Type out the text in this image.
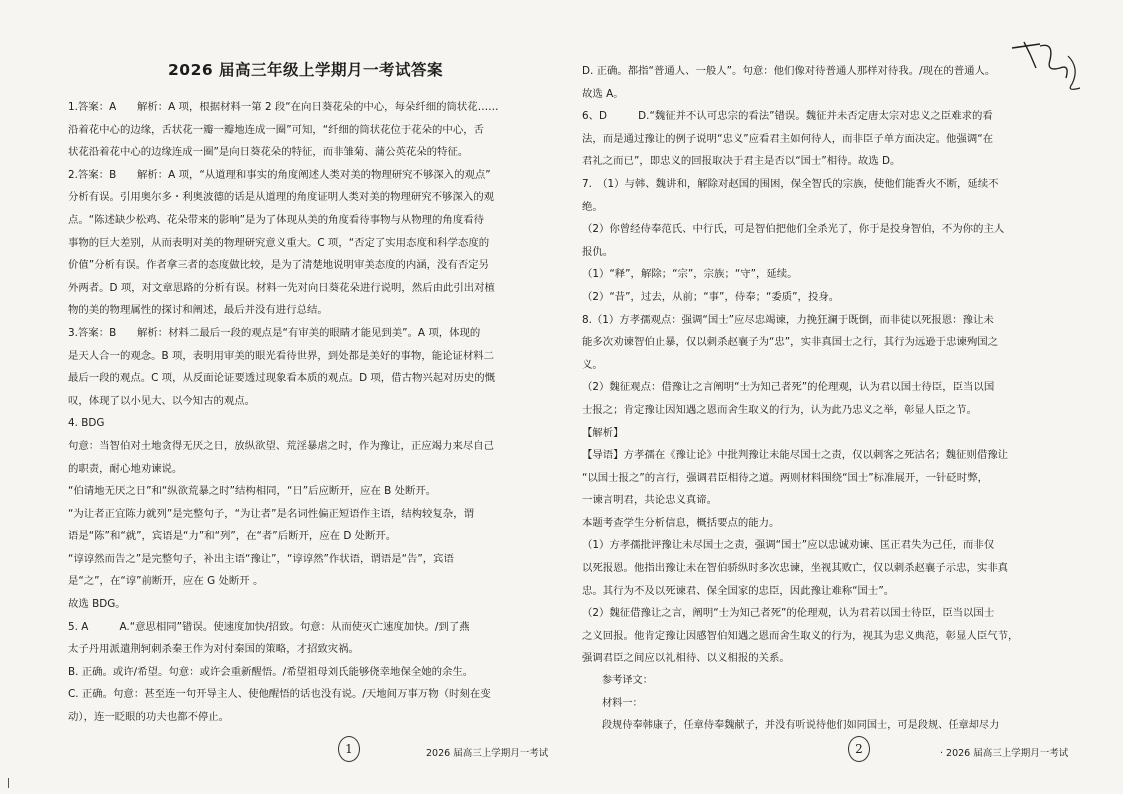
2026 届高三年级上学期月一考试答案

1.答案：A　　解析：A 项，根据材料一第 2 段“在向日葵花朵的中心，每朵纤细的筒状花……

沿着花中心的边缘，舌状花一瓣一瓣地连成一圈”可知，“纤细的筒状花位于花朵的中心，舌

状花沿着花中心的边缘连成一圈”是向日葵花朵的特征，而非雏菊、蒲公英花朵的特征。

2.答案：B　　解析：A 项，“从道理和事实的角度阐述人类对美的物理研究不够深入的观点”

分析有误。引用奥尔多・利奥波德的话是从道理的角度证明人类对美的物理研究不够深入的观

点。“陈述缺少松鸡、花朵带来的影响”是为了体现从美的角度看待事物与从物理的角度看待

事物的巨大差别，从而表明对美的物理研究意义重大。C 项，“否定了实用态度和科学态度的

价值”分析有误。作者拿三者的态度做比较，是为了清楚地说明审美态度的内涵，没有否定另

外两者。D 项，对文章思路的分析有误。材料一先对向日葵花朵进行说明，然后由此引出对植

物的美的物理属性的探讨和阐述，最后并没有进行总结。

3.答案：B　　解析：材料二最后一段的观点是“有审美的眼睛才能见到美”。A 项，体现的

是天人合一的观念。B 项，表明用审美的眼光看待世界，到处都是美好的事物，能论证材料二

最后一段的观点。C 项，从反面论证要透过现象看本质的观点。D 项，借古物兴起对历史的慨

叹，体现了以小见大、以今知古的观点。

4. BDG

句意：当智伯对土地贪得无厌之日，放纵欲望、荒淫暴虐之时，作为豫让，正应竭力来尽自己

的职责，耐心地劝谏说。

“伯请地无厌之日”和“纵欲荒暴之时”结构相同，“日”后应断开，应在 B 处断开。

“为让者正宜陈力就列”是完整句子，“为让者”是名词性偏正短语作主语，结构较复杂，谓

语是“陈”和“就”，宾语是“力”和“列”，在“者”后断开，应在 D 处断开。

“谆谆然而告之”是完整句子，补出主语“豫让”，“谆谆然”作状语，谓语是“告”，宾语

是“之”，在“谆”前断开，应在 G 处断开 。

故选 BDG。

5. A　　　A.“意思相同”错误。使速度加快/招致。句意：从而使灭亡速度加快。/到了燕

太子丹用派遣荆轲刺杀秦王作为对付秦国的策略，才招致灾祸。

B. 正确。或许/希望。句意：或许会重新醒悟。/希望祖母刘氏能够侥幸地保全她的余生。

C. 正确。句意：甚至连一句开导主人、使他醒悟的话也没有说。/天地间万事万物（时刻在变

动），连一眨眼的功夫也都不停止。

D. 正确。都指“普通人、一般人”。句意：他们像对待普通人那样对待我。/现在的普通人。

故选 A。

6、D　　　D.“魏征并不认可忠宗的看法”错误。魏征并未否定唐太宗对忠义之臣难求的看

法，而是通过豫让的例子说明“忠义”应看君主如何待人，而非臣子单方面决定。他强调“在

君礼之而已”，即忠义的回报取决于君主是否以“国士”相待。故选 D。

7.　（1）与韩、魏讲和，解除对赵国的围困，保全智氏的宗族，使他们能香火不断，延续不

绝。

（2）你曾经侍奉范氏、中行氏，可是智伯把他们全杀光了，你于是投身智伯，不为你的主人

报仇。

（1）“释”，解除；“宗”，宗族；“守”，延续。

（2）“昔”，过去，从前；“事”，侍奉；“委质”，投身。

8.（1）方孝孺观点：强调“国士”应尽忠竭谏，力挽狂澜于既倒，而非徒以死报恩：豫让未

能多次劝谏智伯止暴，仅以刺杀赵襄子为“忠”，实非真国士之行，其行为远逊于忠谏殉国之

义。

（2）魏征观点：借豫让之言阐明“士为知己者死”的伦理观，认为君以国士待臣，臣当以国

士报之；肯定豫让因知遇之恩而舍生取义的行为，认为此乃忠义之举，彰显人臣之节。

【解析】

【导语】方孝孺在《豫让论》中批判豫让未能尽国士之责，仅以刺客之死沽名；魏征则借豫让

“以国士报之”的言行，强调君臣相待之道。两则材料围绕“国士”标准展开，一针砭时弊，

一谏言明君，共论忠义真谛。

本题考查学生分析信息，概括要点的能力。

（1）方孝孺批评豫让未尽国士之责，强调“国士”应以忠诚劝谏、匡正君失为己任，而非仅

以死报恩。他指出豫让未在智伯骄纵时多次忠谏，坐视其败亡，仅以刺杀赵襄子示忠，实非真

忠。其行为不及以死谏君、保全国家的忠臣，因此豫让难称“国士”。

（2）魏征借豫让之言，阐明“士为知己者死”的伦理观，认为君若以国士待臣，臣当以国士

之义回报。他肯定豫让因感智伯知遇之恩而舍生取义的行为，视其为忠义典范，彰显人臣气节，

强调君臣之间应以礼相待、以义相报的关系。

参考译文：

材料一：

段规侍奉韩康子，任章侍奉魏献子，并没有听说待他们如同国士，可是段规、任章却尽力

1	2026 届高三上学期月一考试	2	· 2026 届高三上学期月一考试
